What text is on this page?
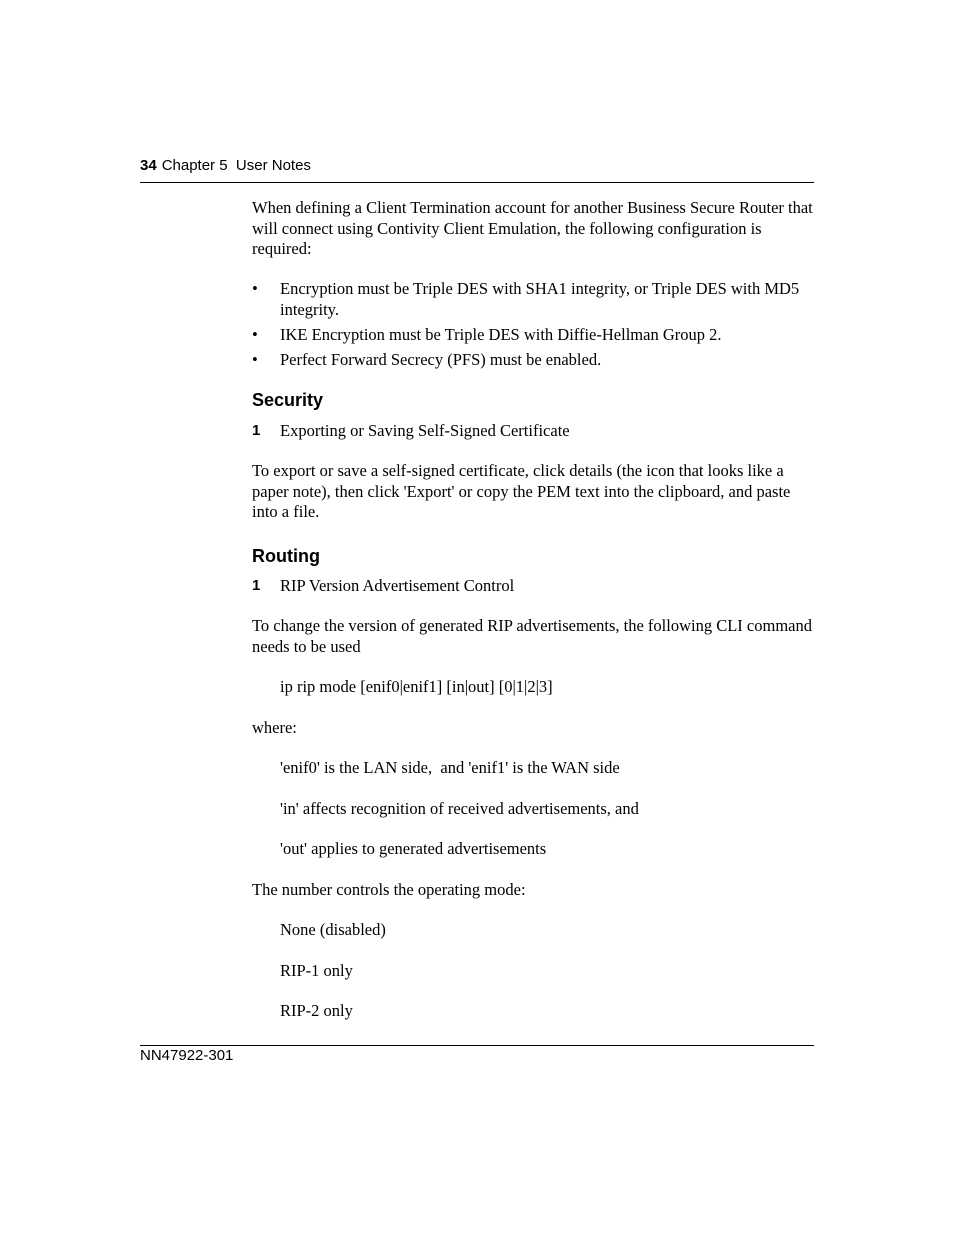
34 Chapter 5  User Notes

When defining a Client Termination account for another Business Secure Router that will connect using Contivity Client Emulation, the following configuration is required:

• Encryption must be Triple DES with SHA1 integrity, or Triple DES with MD5 integrity.
• IKE Encryption must be Triple DES with Diffie-Hellman Group 2.
• Perfect Forward Secrecy (PFS) must be enabled.
Security
1 Exporting or Saving Self-Signed Certificate

To export or save a self-signed certificate, click details (the icon that looks like a paper note), then click 'Export' or copy the PEM text into the clipboard, and paste into a file.

Routing
1 RIP Version Advertisement Control

To change the version of generated RIP advertisements, the following CLI command needs to be used

ip rip mode [enif0|enif1] [in|out] [0|1|2|3]

where:

'enif0' is the LAN side,  and 'enif1' is the WAN side

'in' affects recognition of received advertisements, and

'out' applies to generated advertisements

The number controls the operating mode:

None (disabled)

RIP-1 only

RIP-2 only

NN47922-301
